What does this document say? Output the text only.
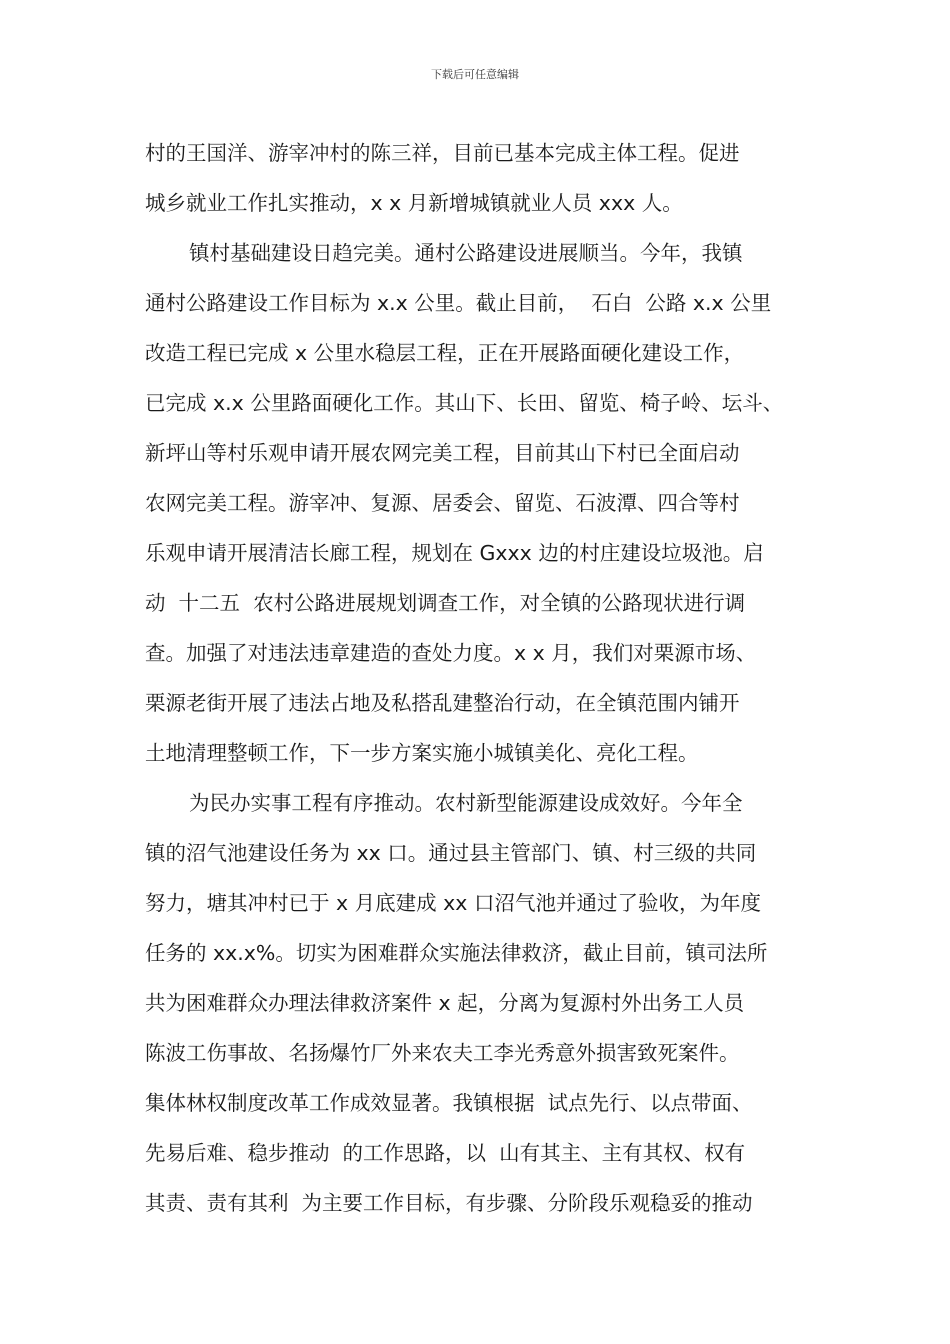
下载后可任意编辑
村的王国洋、游宰冲村的陈三祥，目前已基本完成主体工程。促进
城乡就业工作扎实推动，x x 月新增城镇就业人员 xxx 人。
镇村基础建设日趋完美。通村公路建设进展顺当。今年，我镇
通村公路建设工作目标为 x.x 公里。截止目前，  石白  公路 x.x 公里
改造工程已完成 x 公里水稳层工程，正在开展路面硬化建设工作，
已完成 x.x 公里路面硬化工作。其山下、长田、留览、椅子岭、坛斗、
新坪山等村乐观申请开展农网完美工程，目前其山下村已全面启动
农网完美工程。游宰冲、复源、居委会、留览、石波潭、四合等村
乐观申请开展清洁长廊工程，规划在 Gxxx 边的村庄建设垃圾池。启
动  十二五  农村公路进展规划调查工作，对全镇的公路现状进行调
查。加强了对违法违章建造的查处力度。x x 月，我们对栗源市场、
栗源老街开展了违法占地及私搭乱建整治行动，在全镇范围内铺开
土地清理整顿工作，下一步方案实施小城镇美化、亮化工程。
为民办实事工程有序推动。农村新型能源建设成效好。今年全
镇的沼气池建设任务为 xx 口。通过县主管部门、镇、村三级的共同
努力，塘其冲村已于 x 月底建成 xx 口沼气池并通过了验收，为年度
任务的 xx.x%。切实为困难群众实施法律救济，截止目前，镇司法所
共为困难群众办理法律救济案件 x 起，分离为复源村外出务工人员
陈波工伤事故、名扬爆竹厂外来农夫工李光秀意外损害致死案件。
集体林权制度改革工作成效显著。我镇根据  试点先行、以点带面、
先易后难、稳步推动  的工作思路，以  山有其主、主有其权、权有
其责、责有其利  为主要工作目标，有步骤、分阶段乐观稳妥的推动
